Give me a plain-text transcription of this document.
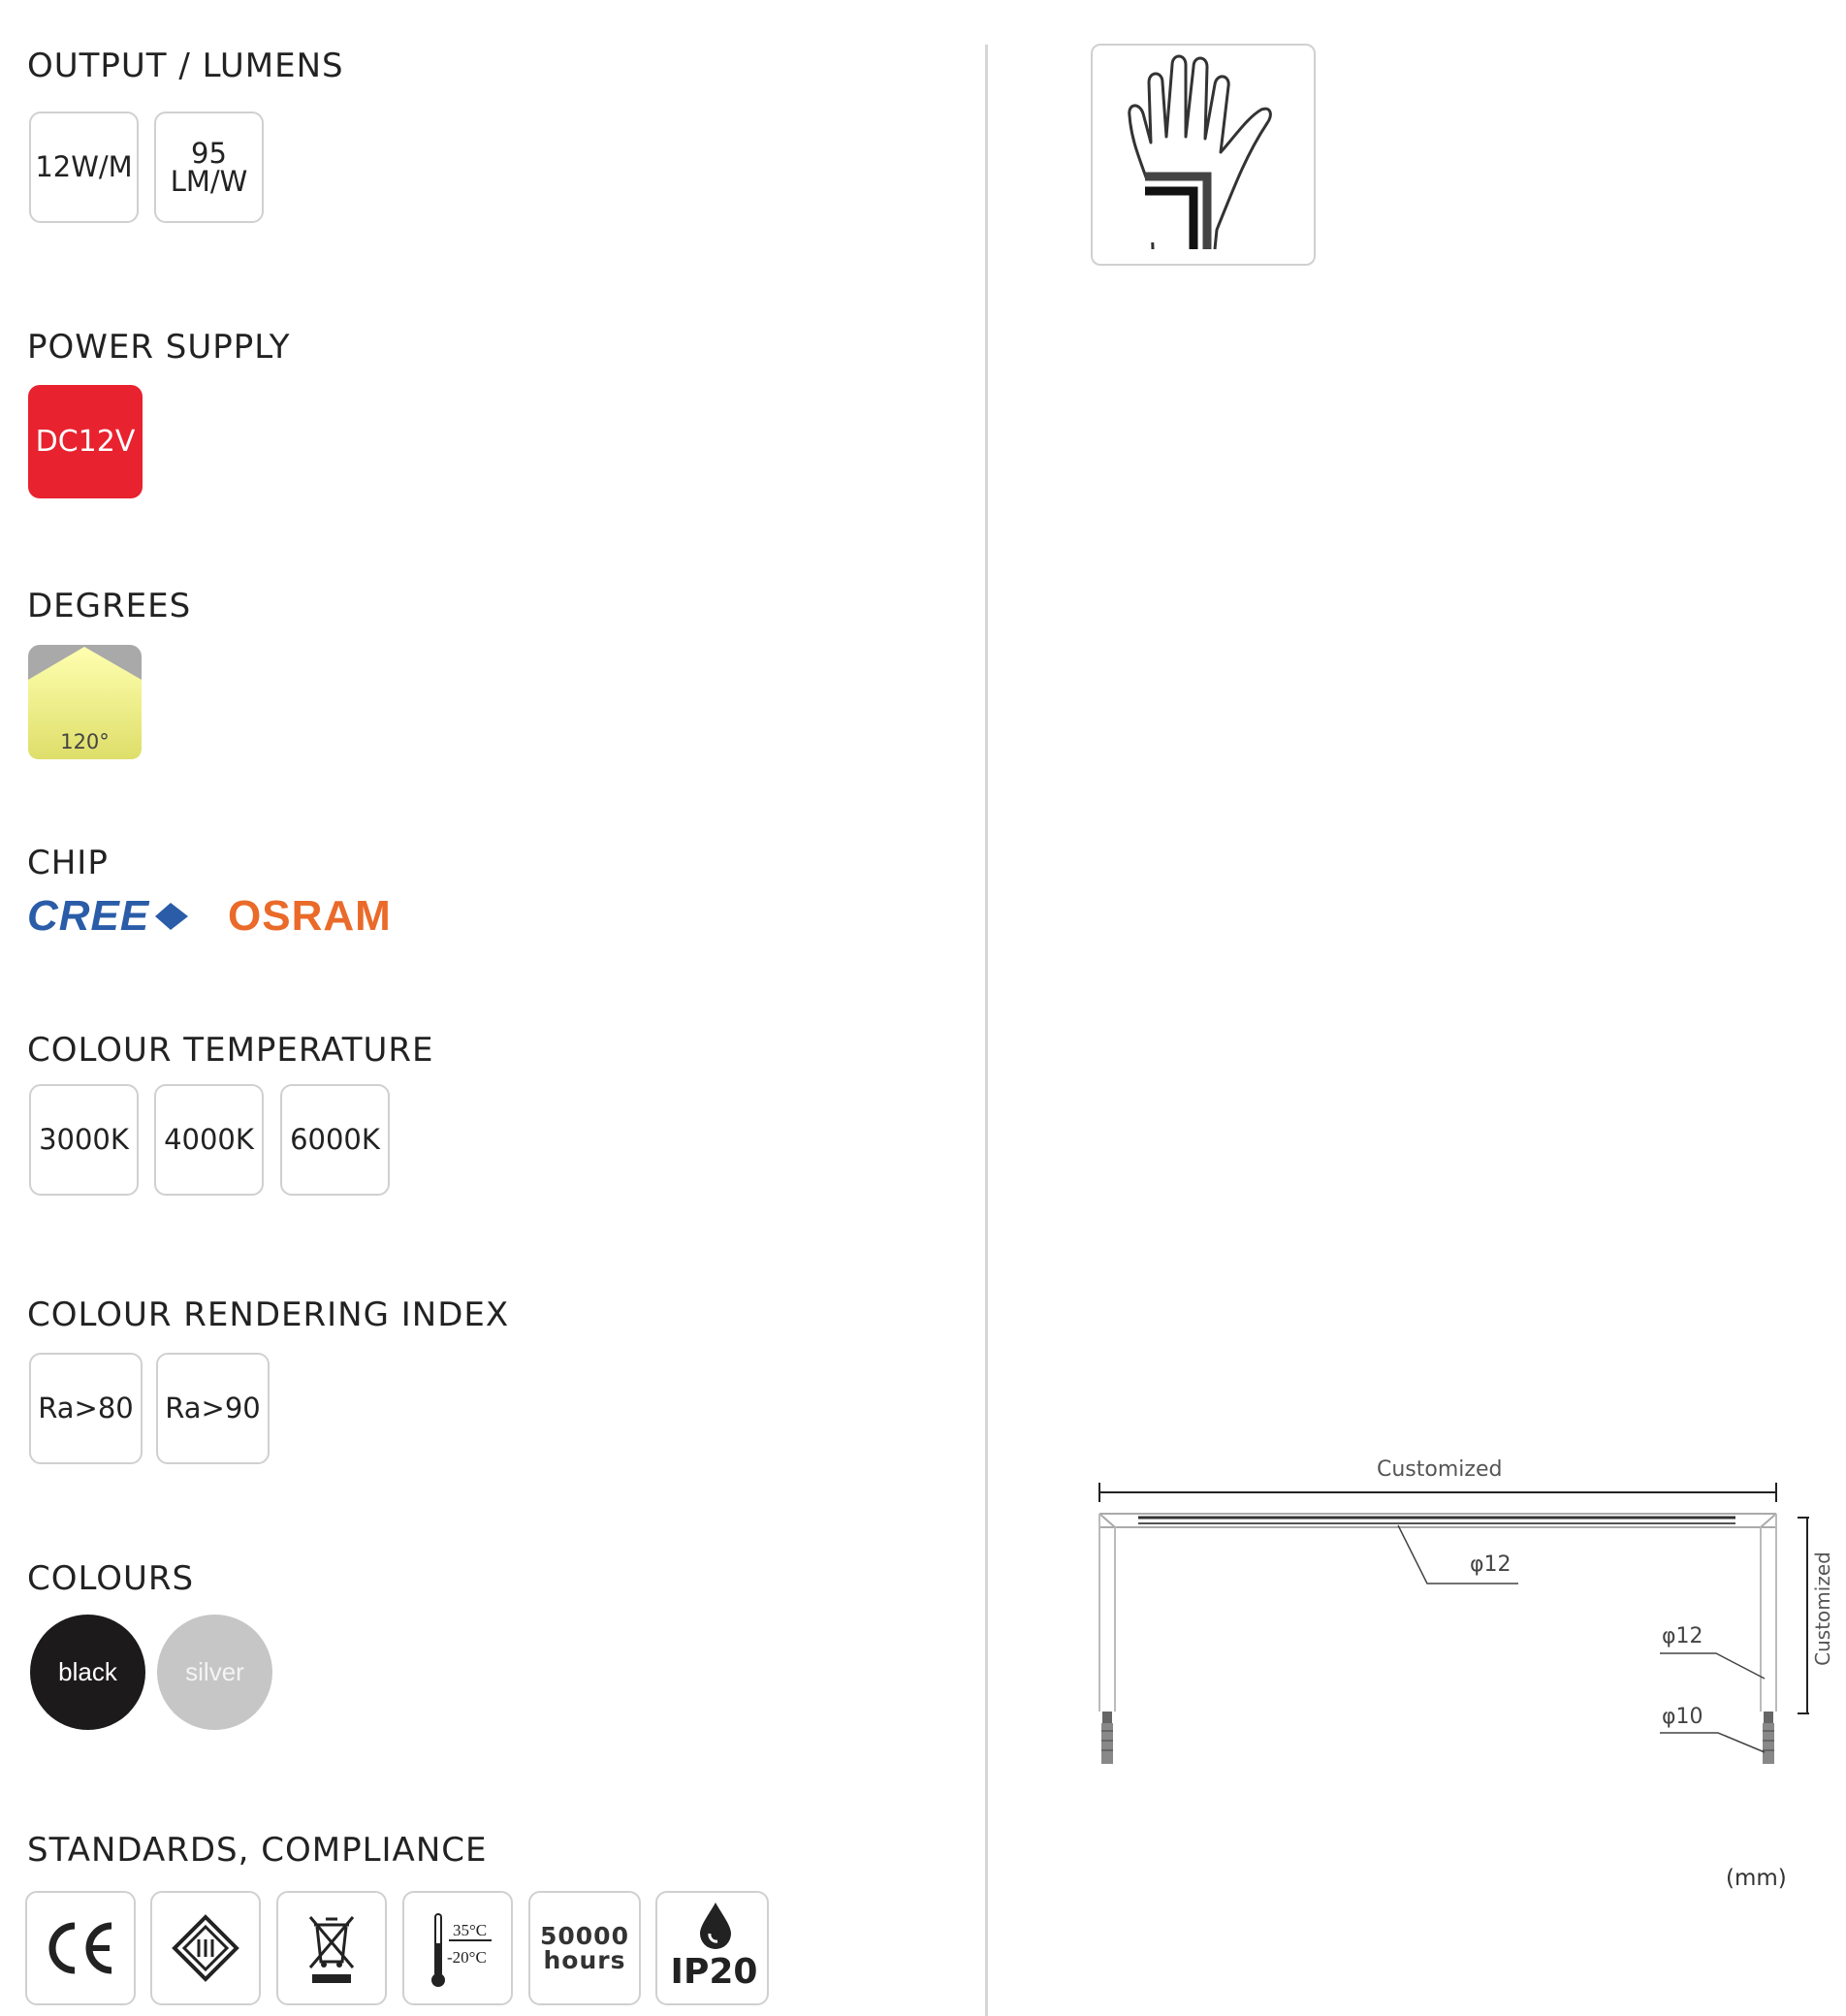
OUTPUT / LUMENS
12W/M 95
LM/W
POWER SUPPLY
DC12V
DEGREES
120°
CHIP
CREE OSRAM
COLOUR TEMPERATURE
3000K 4000K 6000K
COLOUR RENDERING INDEX
Ra>80 Ra>90
COLOURS
black	silver
STANDARDS, COMPLIANCE
35°C
-20°C
50000
hours	IP20
Customized
Customized
φ12
φ12
φ10
(mm)
